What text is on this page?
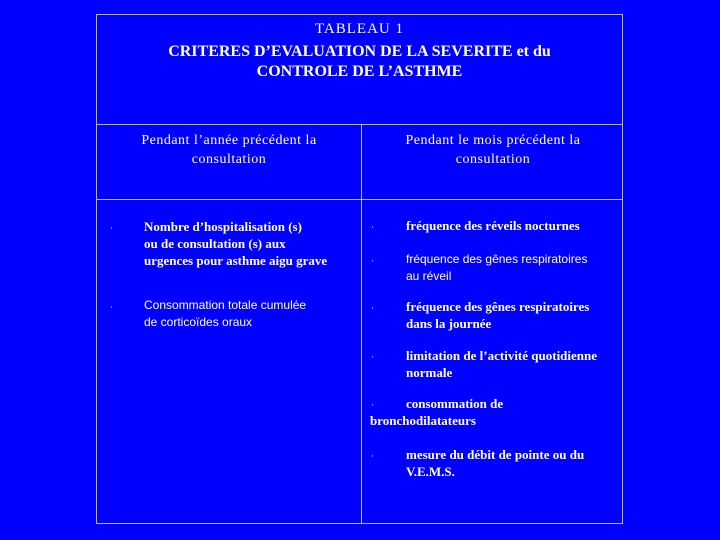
TABLEAU 1
CRITERES D’EVALUATION DE LA SEVERITE et du
CONTROLE DE L’ASTHME
Pendant l’année précédent la
consultation
Pendant le mois précédent la
consultation
· Nombre d’hospitalisation (s)
ou de consultation (s) aux
urgences pour asthme aigu grave
·	Consommation totale cumulée
de corticoïdes oraux
· fréquence des réveils nocturnes
·	fréquence des gênes respiratoires
au réveil
· fréquence des gênes respiratoires
dans la journée
· limitation de l’activité quotidienne
normale
· consommation de
bronchodilatateurs
· mesure du débit de pointe ou du
V.E.M.S.
